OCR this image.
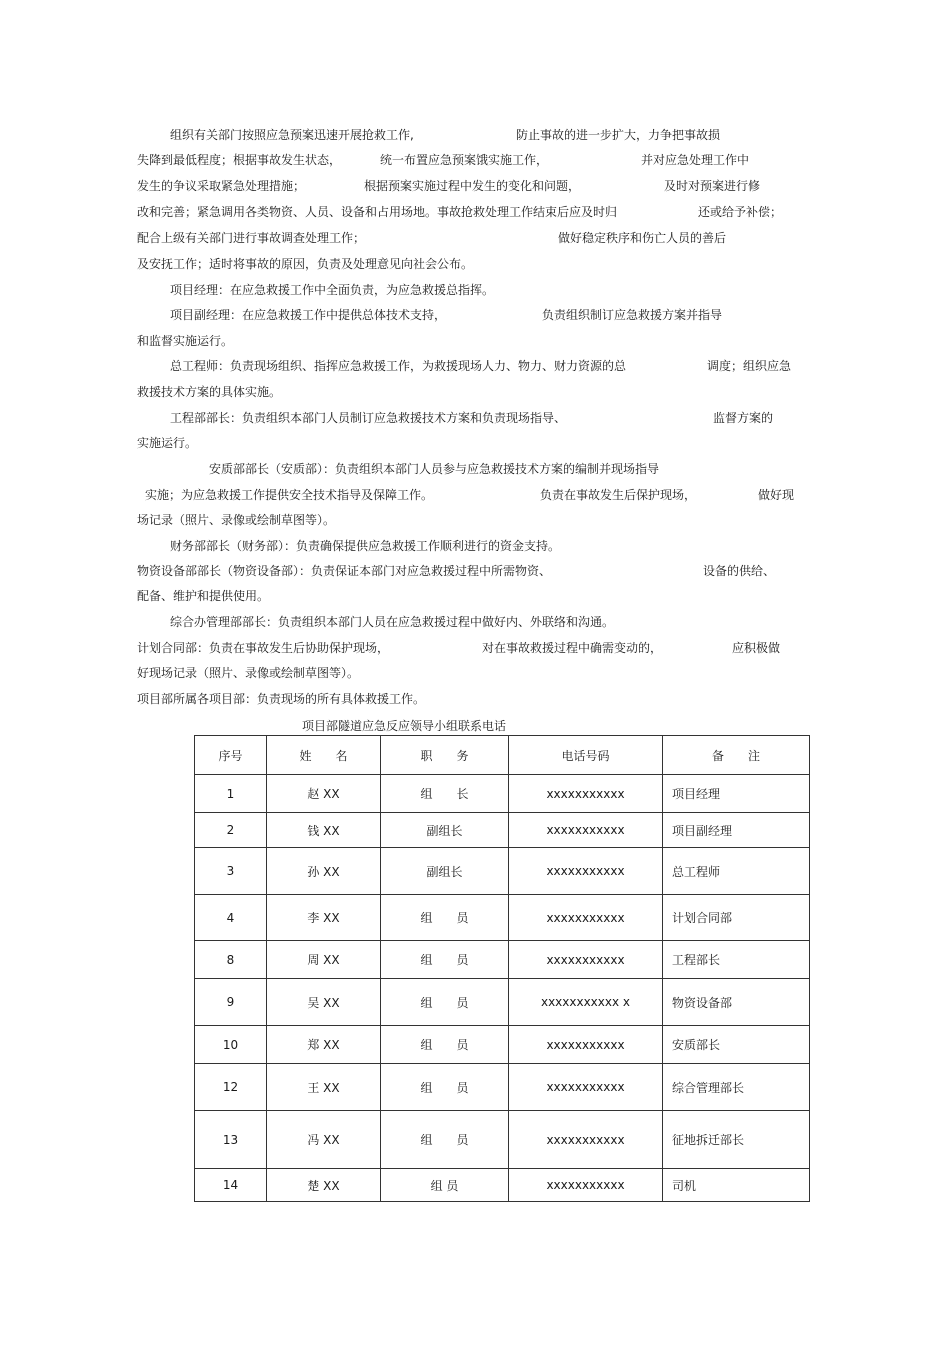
组织有关部门按照应急预案迅速开展抢救工作,	防止事故的进一步扩大，力争把事故损
失降到最低程度；根据事故发生状态，	统一布置应急预案饿实施工作，	并对应急处理工作中
发生的争议采取紧急处理措施；	根据预案实施过程中发生的变化和问题，	及时对预案进行修
改和完善；紧急调用各类物资、人员、设备和占用场地。事故抢救处理工作结束后应及时归	还或给予补偿；
配合上级有关部门进行事故调查处理工作；	做好稳定秩序和伤亡人员的善后
及安抚工作；适时将事故的原因，负责及处理意见向社会公布。
项目经理：在应急救援工作中全面负责，为应急救援总指挥。
项目副经理：在应急救援工作中提供总体技术支持，	负责组织制订应急救援方案并指导
和监督实施运行。
总工程师：负责现场组织、指挥应急救援工作，为救援现场人力、物力、财力资源的总	调度；组织应急
救援技术方案的具体实施。
工程部部长：负责组织本部门人员制订应急救援技术方案和负责现场指导、	监督方案的
实施运行。
安质部部长（安质部）：负责组织本部门人员参与应急救援技术方案的编制并现场指导
实施；为应急救援工作提供安全技术指导及保障工作。	负责在事故发生后保护现场，	做好现
场记录（照片、录像或绘制草图等）。
财务部部长（财务部）：负责确保提供应急救援工作顺利进行的资金支持。
物资设备部部长（物资设备部）：负责保证本部门对应急救援过程中所需物资、	设备的供给、
配备、维护和提供使用。
综合办管理部部长：负责组织本部门人员在应急救援过程中做好内、外联络和沟通。
计划合同部：负责在事故发生后协助保护现场，	对在事故救援过程中确需变动的，	应积极做
好现场记录（照片、录像或绘制草图等）。
项目部所属各项目部：负责现场的所有具体救援工作。
项目部隧道应急反应领导小组联系电话
序号	姓　　名	职　　务	电话号码	备　　注
1	赵 XX	组　　长	xxxxxxxxxxx	项目经理
2	钱 XX	副组长	xxxxxxxxxxx	项目副经理
3	孙 XX	副组长	xxxxxxxxxxx	总工程师
4	李 XX	组　　员	xxxxxxxxxxx	计划合同部
8	周 XX	组　　员	xxxxxxxxxxx	工程部长
9	吴 XX	组　　员	xxxxxxxxxxx x	物资设备部
10	郑 XX	组　　员	xxxxxxxxxxx	安质部长
12	王 XX	组　　员	xxxxxxxxxxx	综合管理部长
13	冯 XX	组　　员	xxxxxxxxxxx	征地拆迁部长
14	楚 XX	组 员	xxxxxxxxxxx	司机
